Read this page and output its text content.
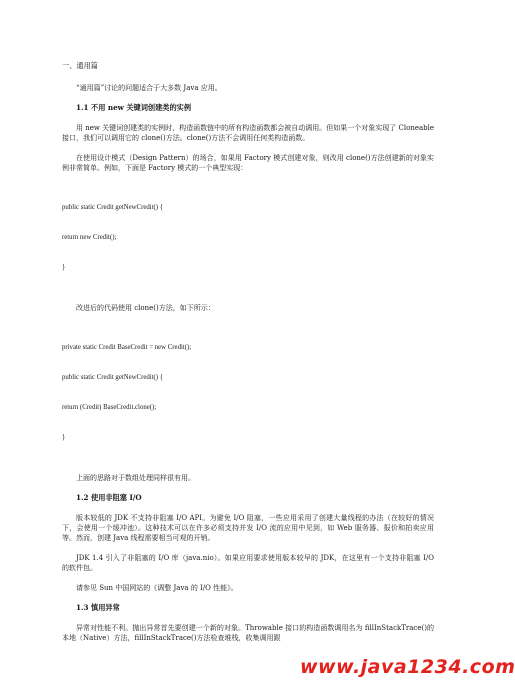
一、通用篇

“通用篇”讨论的问题适合于大多数 Java 应用。

1.1 不用 new 关键词创建类的实例

用 new 关键词创建类的实例时，构造函数链中的所有构造函数都会被自动调用。但如果一个对象实现了 Cloneable 接口，我们可以调用它的 clone()方法。clone()方法不会调用任何类构造函数。

在使用设计模式（Design Pattern）的场合，如果用 Factory 模式创建对象，则改用 clone()方法创建新的对象实例非常简单。例如，下面是 Factory 模式的一个典型实现：

public static Credit getNewCredit() {

return new Credit();

}

改进后的代码使用 clone()方法，如下所示：

private static Credit BaseCredit = new Credit();

public static Credit getNewCredit() {

return (Credit) BaseCredit.clone();

}

上面的思路对于数组处理同样很有用。

1.2 使用非阻塞 I/O

版本较低的 JDK 不支持非阻塞 I/O API。为避免 I/O 阻塞，一些应用采用了创建大量线程的办法（在较好的情况下，会使用一个缓冲池）。这种技术可以在许多必须支持并发 I/O 流的应用中见到，如 Web 服务器、报价和拍卖应用等。然而，创建 Java 线程需要相当可观的开销。

JDK 1.4 引入了非阻塞的 I/O 库（java.nio）。如果应用要求使用版本较早的 JDK，在这里有一个支持非阻塞 I/O 的软件包。

请参见 Sun 中国网站的《调整 Java 的 I/O 性能》。

1.3 慎用异常

异常对性能不利。抛出异常首先要创建一个新的对象。Throwable 接口的构造函数调用名为 fillInStackTrace()的本地（Native）方法，fillInStackTrace()方法检查堆栈，收集调用跟

www.java1234.com
